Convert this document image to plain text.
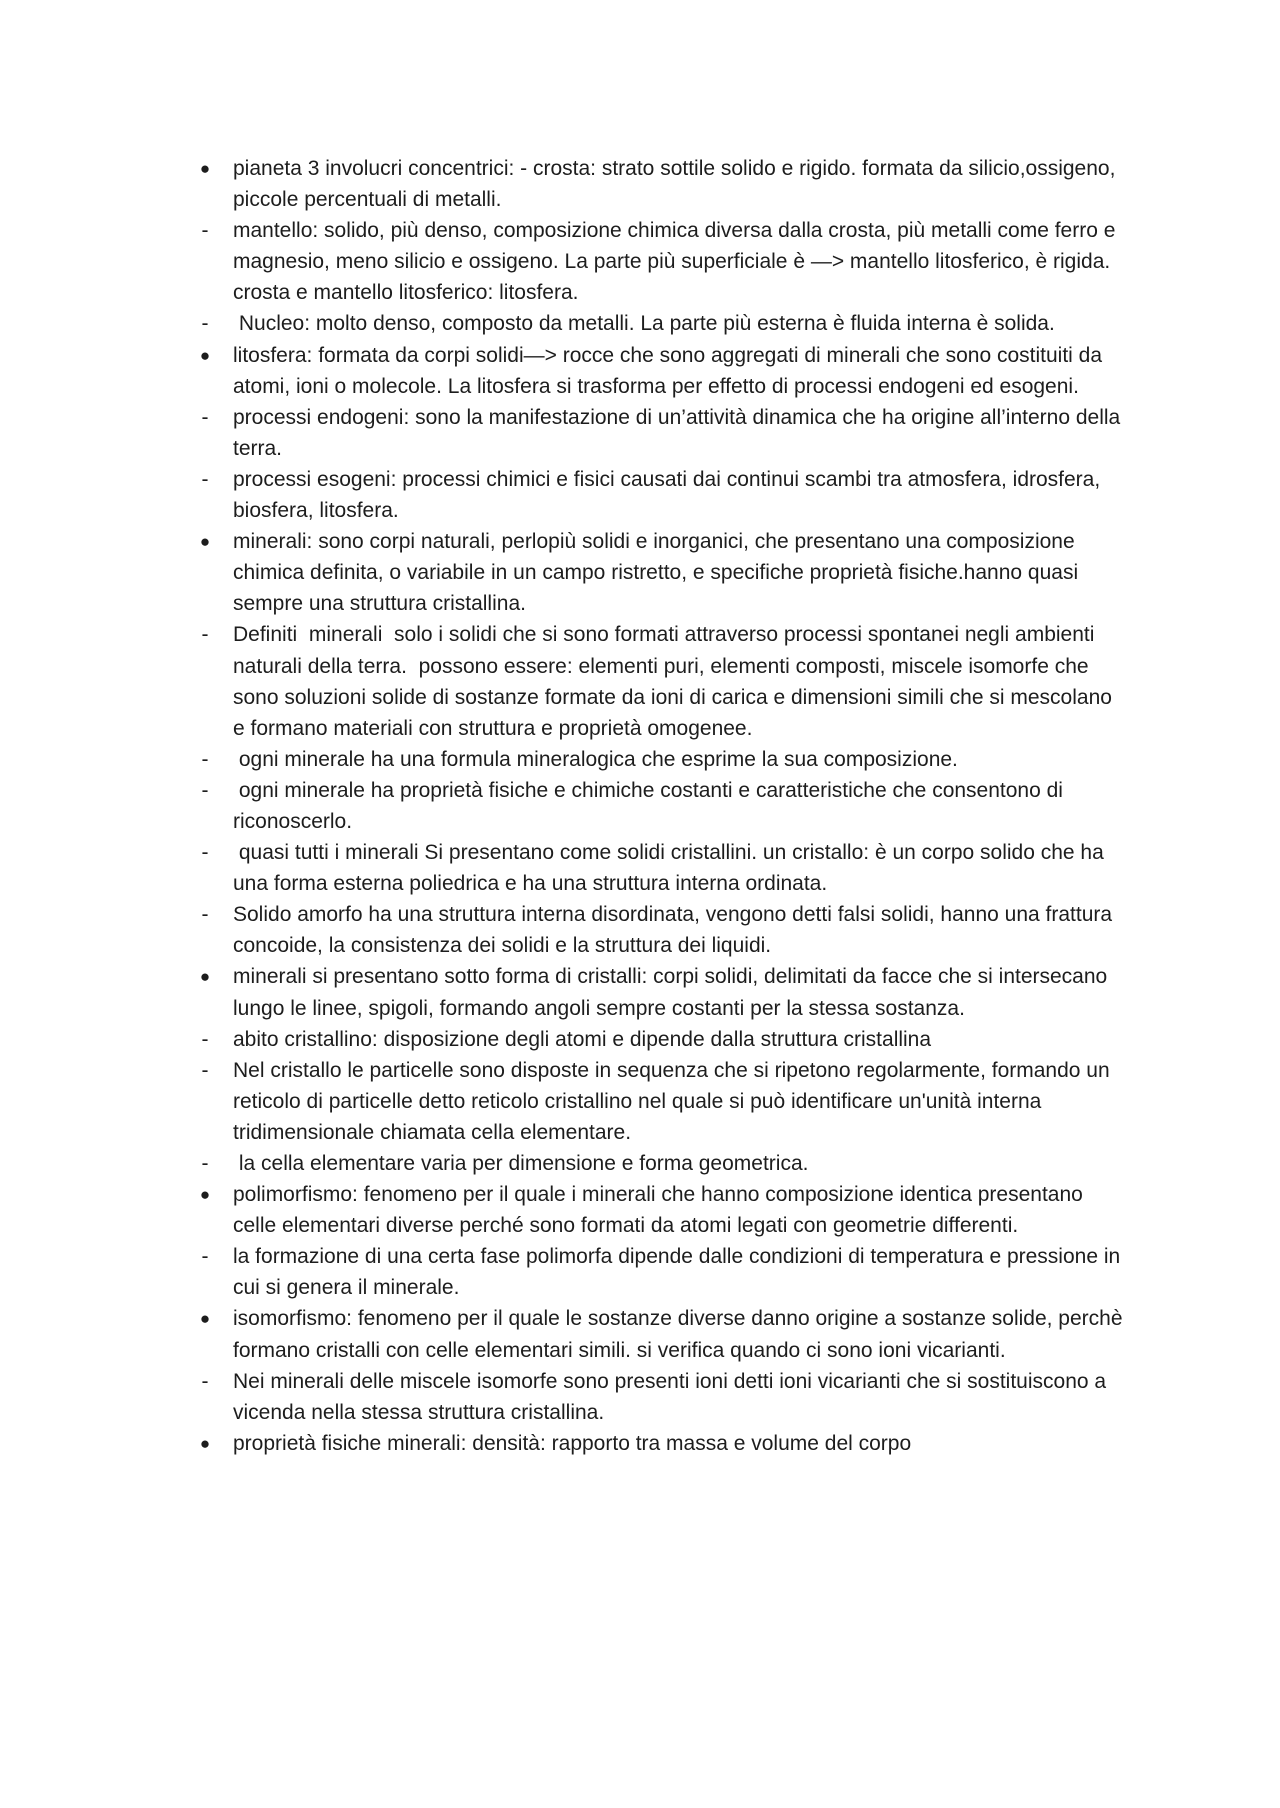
●	pianeta 3 involucri concentrici: - crosta: strato sottile solido e rigido. formata da silicio,ossigeno, piccole percentuali di metalli.
-	mantello: solido, più denso, composizione chimica diversa dalla crosta, più metalli come ferro e magnesio, meno silicio e ossigeno. La parte più superficiale è —> mantello litosferico, è rigida. crosta e mantello litosferico: litosfera.
-	Nucleo: molto denso, composto da metalli. La parte più esterna è fluida interna è solida.
●	litosfera: formata da corpi solidi—> rocce che sono aggregati di minerali che sono costituiti da atomi, ioni o molecole. La litosfera si trasforma per effetto di processi endogeni ed esogeni.
-	processi endogeni: sono la manifestazione di un’attività dinamica che ha origine all’interno della terra.
-	processi esogeni: processi chimici e fisici causati dai continui scambi tra atmosfera, idrosfera, biosfera, litosfera.
●	minerali: sono corpi naturali, perlopiù solidi e inorganici, che presentano una composizione chimica definita, o variabile in un campo ristretto, e specifiche proprietà fisiche.hanno quasi sempre una struttura cristallina.
-	Definiti  minerali  solo i solidi che si sono formati attraverso processi spontanei negli ambienti naturali della terra.  possono essere: elementi puri, elementi composti, miscele isomorfe che sono soluzioni solide di sostanze formate da ioni di carica e dimensioni simili che si mescolano e formano materiali con struttura e proprietà omogenee.
-	ogni minerale ha una formula mineralogica che esprime la sua composizione.
-	ogni minerale ha proprietà fisiche e chimiche costanti e caratteristiche che consentono di riconoscerlo.
-	quasi tutti i minerali Si presentano come solidi cristallini. un cristallo: è un corpo solido che ha una forma esterna poliedrica e ha una struttura interna ordinata.
-	Solido amorfo ha una struttura interna disordinata, vengono detti falsi solidi, hanno una frattura concoide, la consistenza dei solidi e la struttura dei liquidi.
●	minerali si presentano sotto forma di cristalli: corpi solidi, delimitati da facce che si intersecano lungo le linee, spigoli, formando angoli sempre costanti per la stessa sostanza.
-	abito cristallino: disposizione degli atomi e dipende dalla struttura cristallina
-	Nel cristallo le particelle sono disposte in sequenza che si ripetono regolarmente, formando un reticolo di particelle detto reticolo cristallino nel quale si può identificare un'unità interna tridimensionale chiamata cella elementare.
-	la cella elementare varia per dimensione e forma geometrica.
●	polimorfismo: fenomeno per il quale i minerali che hanno composizione identica presentano celle elementari diverse perché sono formati da atomi legati con geometrie differenti.
-	la formazione di una certa fase polimorfa dipende dalle condizioni di temperatura e pressione in cui si genera il minerale.
●	isomorfismo: fenomeno per il quale le sostanze diverse danno origine a sostanze solide, perchè formano cristalli con celle elementari simili. si verifica quando ci sono ioni vicarianti.
-	Nei minerali delle miscele isomorfe sono presenti ioni detti ioni vicarianti che si sostituiscono a vicenda nella stessa struttura cristallina.
●	proprietà fisiche minerali: densità: rapporto tra massa e volume del corpo
